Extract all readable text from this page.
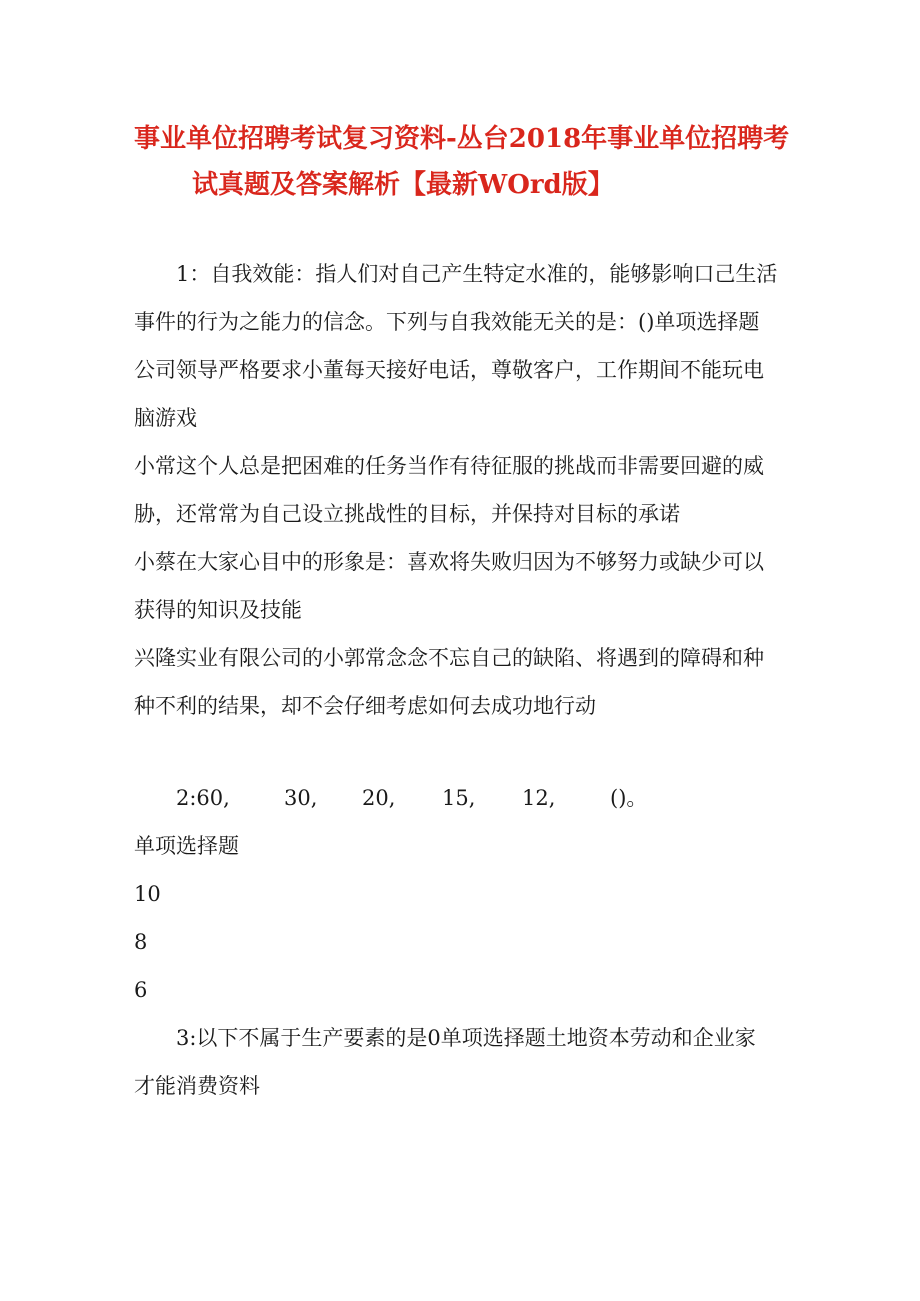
事业单位招聘考试复习资料-丛台2018年事业单位招聘考
试真题及答案解析【最新WOrd版】

1：自我效能：指人们对自己产生特定水准的，能够影响口己生活

事件的行为之能力的信念。下列与自我效能无关的是：()单项选择题

公司领导严格要求小董每天接好电话，尊敬客户，工作期间不能玩电

脑游戏

小常这个人总是把困难的任务当作有待征服的挑战而非需要回避的威

胁，还常常为自己设立挑战性的目标，并保持对目标的承诺

小蔡在大家心目中的形象是：喜欢将失败归因为不够努力或缺少可以

获得的知识及技能

兴隆实业有限公司的小郭常念念不忘自己的缺陷、将遇到的障碍和种

种不利的结果，却不会仔细考虑如何去成功地行动

2:60,	30, 20, 15, 12,	()。

单项选择题

10

8

6

3:以下不属于生产要素的是0单项选择题土地资本劳动和企业家

才能消费资料
